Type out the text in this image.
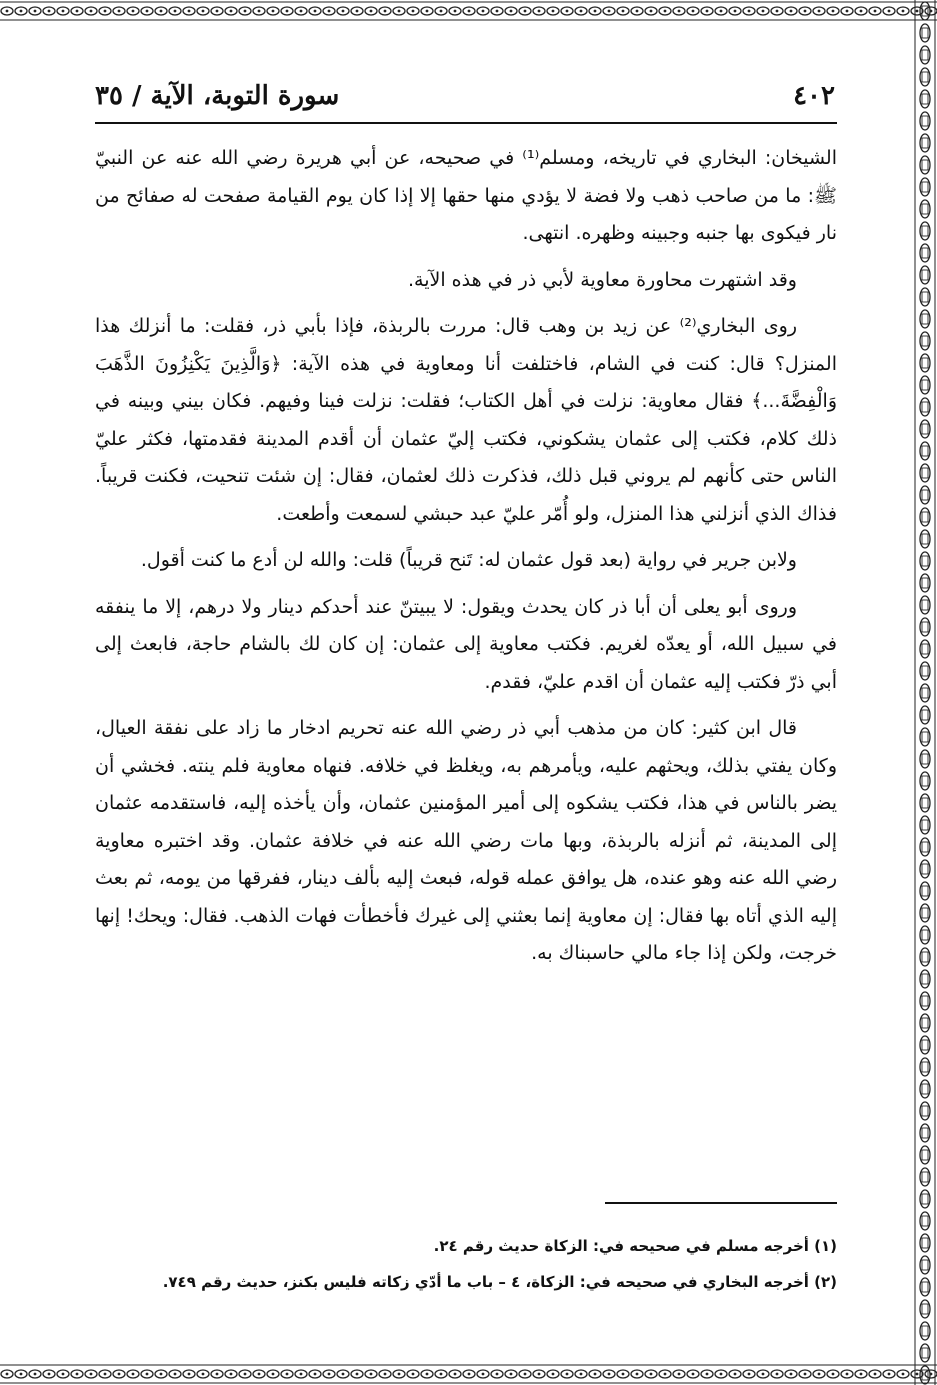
٤٠٢
سورة التوبة، الآية / ٣٥

الشيخان: البخاري في تاريخه، ومسلم⁽¹⁾ في صحيحه، عن أبي هريرة رضي الله عنه عن النبيّ ﷺ: ما من صاحب ذهب ولا فضة لا يؤدي منها حقها إلا إذا كان يوم القيامة صفحت له صفائح من نار فيكوى بها جنبه وجبينه وظهره. انتهى.

وقد اشتهرت محاورة معاوية لأبي ذر في هذه الآية.

روى البخاري⁽²⁾ عن زيد بن وهب قال: مررت بالربذة، فإذا بأبي ذر، فقلت: ما أنزلك هذا المنزل؟ قال: كنت في الشام، فاختلفت أنا ومعاوية في هذه الآية: ﴿وَالَّذِينَ يَكْنِزُونَ الذَّهَبَ وَالْفِضَّةَ...﴾ فقال معاوية: نزلت في أهل الكتاب؛ فقلت: نزلت فينا وفيهم. فكان بيني وبينه في ذلك كلام، فكتب إلى عثمان يشكوني، فكتب إليّ عثمان أن أقدم المدينة فقدمتها، فكثر عليّ الناس حتى كأنهم لم يروني قبل ذلك، فذكرت ذلك لعثمان، فقال: إن شئت تنحيت، فكنت قريباً. فذاك الذي أنزلني هذا المنزل، ولو أُمّر عليّ عبد حبشي لسمعت وأطعت.

ولابن جرير في رواية (بعد قول عثمان له: تَنح قريباً) قلت: والله لن أدع ما كنت أقول.

وروى أبو يعلى أن أبا ذر كان يحدث ويقول: لا يبيتنّ عند أحدكم دينار ولا درهم، إلا ما ينفقه في سبيل الله، أو يعدّه لغريم. فكتب معاوية إلى عثمان: إن كان لك بالشام حاجة، فابعث إلى أبي ذرّ فكتب إليه عثمان أن اقدم عليّ، فقدم.

قال ابن كثير: كان من مذهب أبي ذر رضي الله عنه تحريم ادخار ما زاد على نفقة العيال، وكان يفتي بذلك، ويحثهم عليه، ويأمرهم به، ويغلظ في خلافه. فنهاه معاوية فلم ينته. فخشي أن يضر بالناس في هذا، فكتب يشكوه إلى أمير المؤمنين عثمان، وأن يأخذه إليه، فاستقدمه عثمان إلى المدينة، ثم أنزله بالربذة، وبها مات رضي الله عنه في خلافة عثمان. وقد اختبره معاوية رضي الله عنه وهو عنده، هل يوافق عمله قوله، فبعث إليه بألف دينار، ففرقها من يومه، ثم بعث إليه الذي أتاه بها فقال: إن معاوية إنما بعثني إلى غيرك فأخطأت فهات الذهب. فقال: ويحك! إنها خرجت، ولكن إذا جاء مالي حاسبناك به.

(١) أخرجه مسلم في صحيحه في: الزكاة حديث رقم ٢٤.
(٢) أخرجه البخاري في صحيحه في: الزكاة، ٤ – باب ما أدّي زكاته فليس بكنز، حديث رقم ٧٤٩.
